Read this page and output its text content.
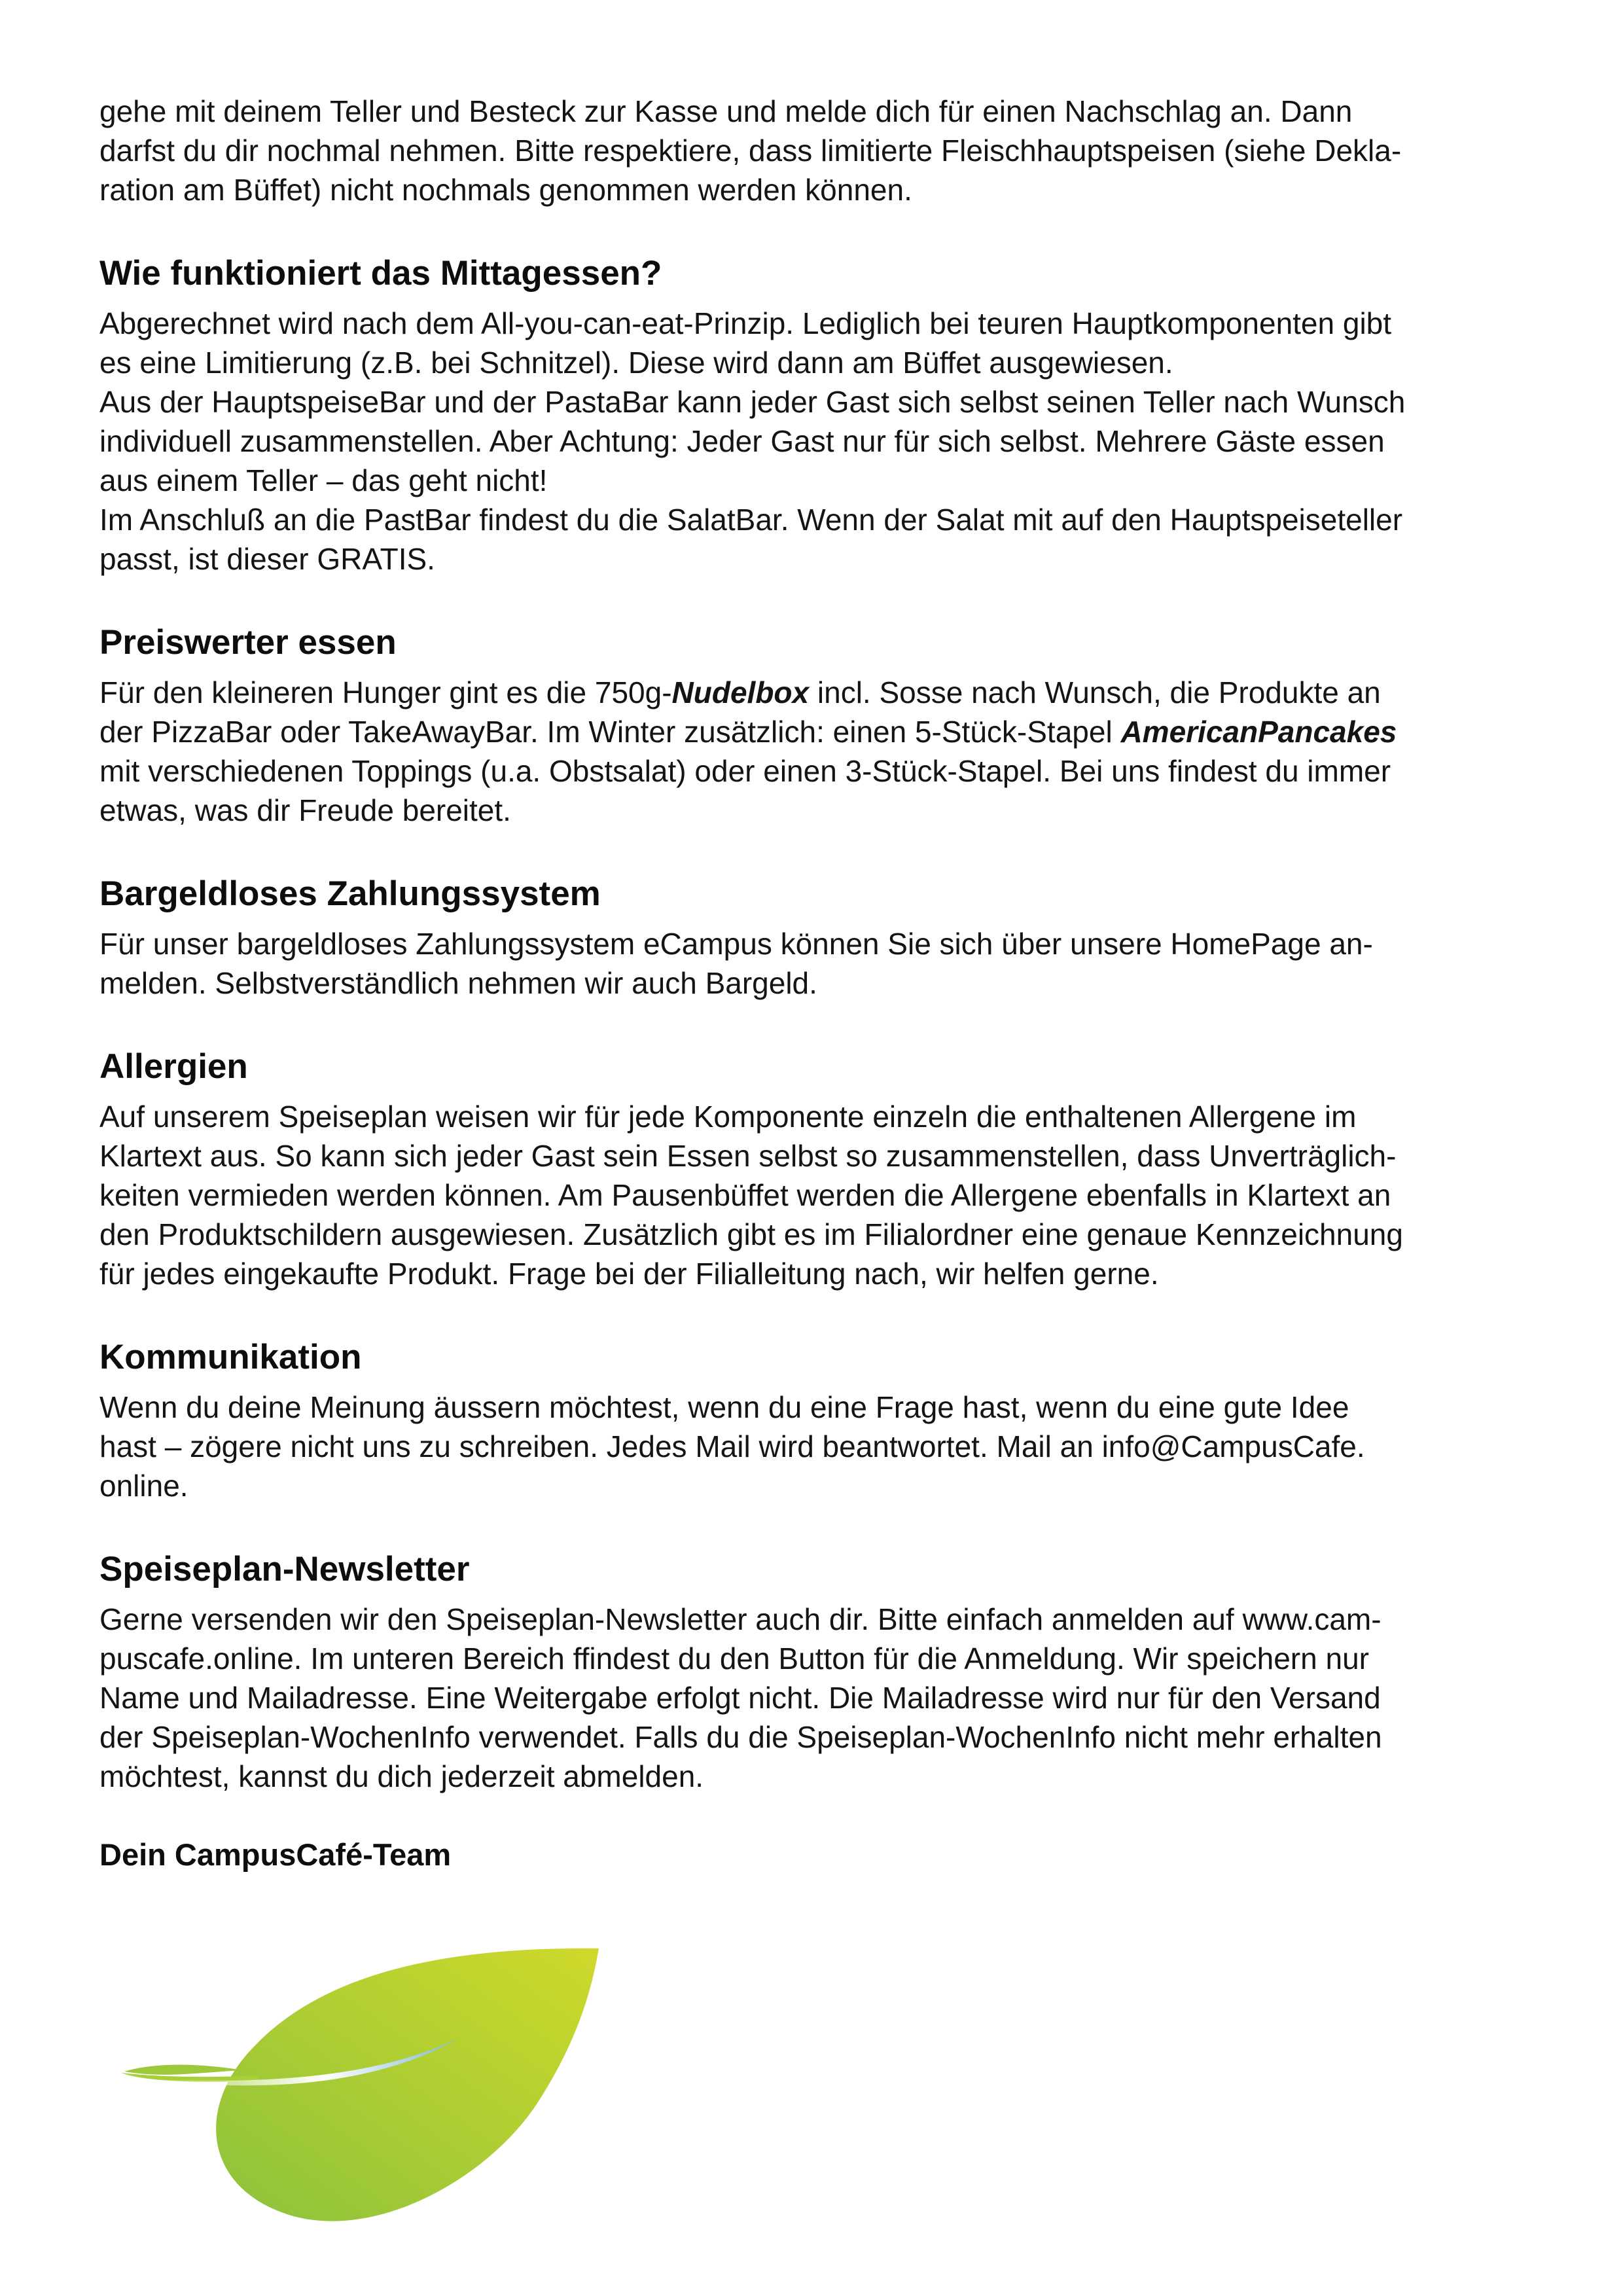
gehe mit deinem Teller und Besteck zur Kasse und melde dich für einen Nachschlag an. Dann

darfst du dir nochmal nehmen. Bitte respektiere, dass limitierte Fleischhauptspeisen (siehe Dekla-

ration am Büffet) nicht nochmals genommen werden können.

Wie funktioniert das Mittagessen?

Abgerechnet wird nach dem All-you-can-eat-Prinzip. Lediglich bei teuren Hauptkomponenten gibt

es eine Limitierung (z.B. bei Schnitzel). Diese wird dann am Büffet ausgewiesen.

Aus der HauptspeiseBar und der PastaBar kann jeder Gast sich selbst seinen Teller nach Wunsch

individuell zusammenstellen. Aber Achtung: Jeder Gast nur für sich selbst. Mehrere Gäste essen

aus einem Teller – das geht nicht!

Im Anschluß an die PastBar findest du die SalatBar. Wenn der Salat mit auf den Hauptspeiseteller

passt, ist dieser GRATIS.

Preiswerter essen

Für den kleineren Hunger gint es die 750g-Nudelbox incl. Sosse nach Wunsch, die Produkte an

der PizzaBar oder TakeAwayBar. Im Winter zusätzlich: einen 5-Stück-Stapel AmericanPancakes

mit verschiedenen Toppings (u.a. Obstsalat) oder einen 3-Stück-Stapel. Bei uns findest du immer

etwas, was dir Freude bereitet.

Bargeldloses Zahlungssystem

Für unser bargeldloses Zahlungssystem eCampus können Sie sich über unsere HomePage an-

melden. Selbstverständlich nehmen wir auch Bargeld.

Allergien

Auf unserem Speiseplan weisen wir für jede Komponente einzeln die enthaltenen Allergene im

Klartext aus. So kann sich jeder Gast sein Essen selbst so zusammenstellen, dass Unverträglich-

keiten vermieden werden können. Am Pausenbüffet werden die Allergene ebenfalls in Klartext an

den Produktschildern ausgewiesen. Zusätzlich gibt es im Filialordner eine genaue Kennzeichnung

für jedes eingekaufte Produkt. Frage bei der Filialleitung nach, wir helfen gerne.

Kommunikation

Wenn du deine Meinung äussern möchtest, wenn du eine Frage hast, wenn du eine gute Idee

hast – zögere nicht uns zu schreiben. Jedes Mail wird beantwortet. Mail an info@CampusCafe.

online.

Speiseplan-Newsletter

Gerne versenden wir den Speiseplan-Newsletter auch dir. Bitte einfach anmelden auf www.cam-

puscafe.online. Im unteren Bereich ffindest du den Button für die Anmeldung. Wir speichern nur

Name und Mailadresse. Eine Weitergabe erfolgt nicht. Die Mailadresse wird nur für den Versand

der Speiseplan-WochenInfo verwendet. Falls du die Speiseplan-WochenInfo nicht mehr erhalten

möchtest, kannst du dich jederzeit abmelden.

Dein CampusCafé-Team
